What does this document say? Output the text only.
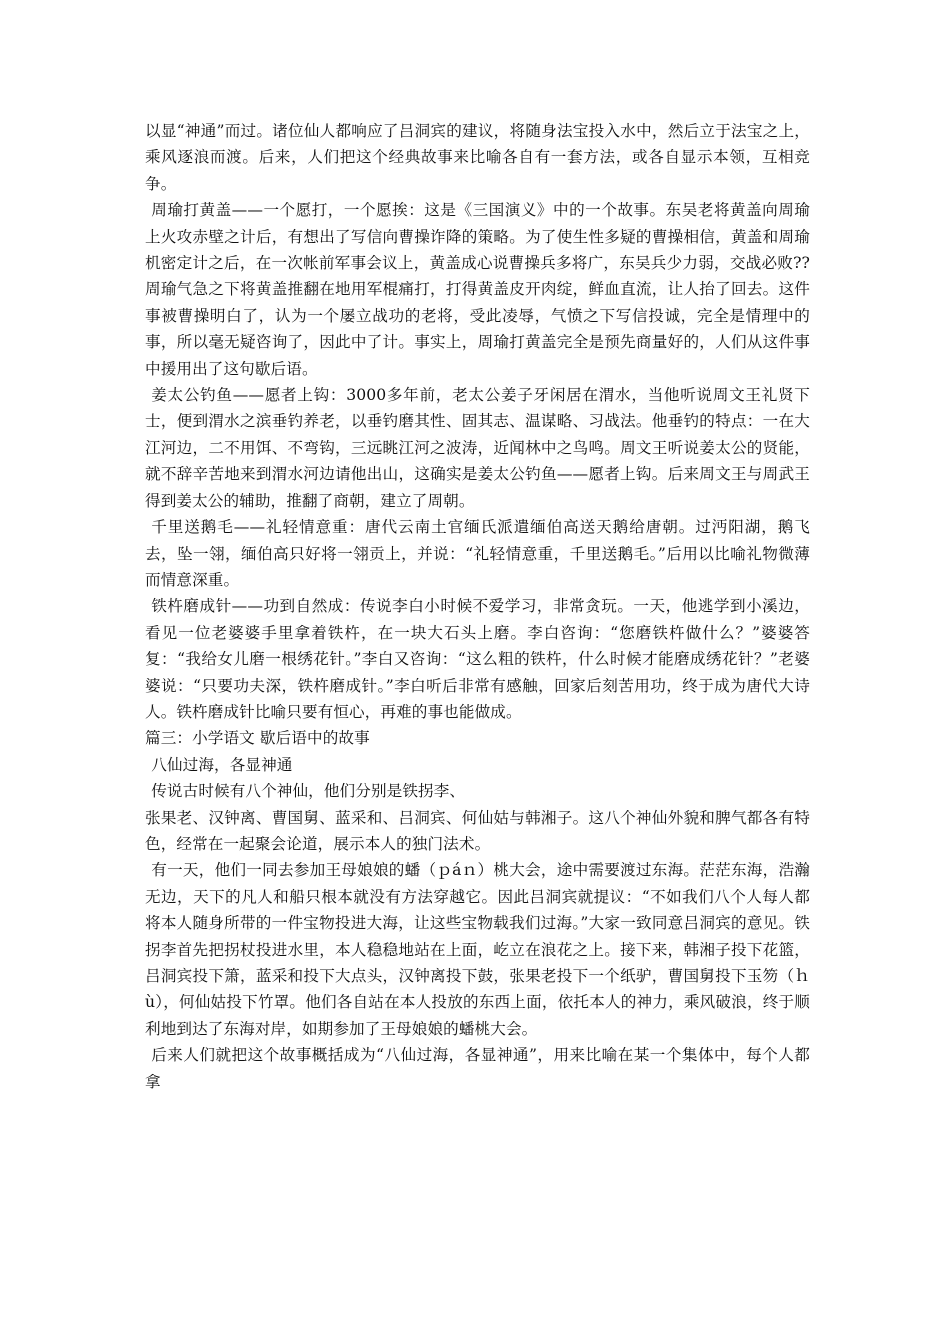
以显“神通”而过。诸位仙人都响应了吕洞宾的建议，将随身法宝投入水中，然后立于法宝之上，乘风逐浪而渡。后来，人们把这个经典故事来比喻各自有一套方法，或各自显示本领，互相竞争。

周瑜打黄盖——一个愿打，一个愿挨：这是《三国演义》中的一个故事。东吴老将黄盖向周瑜上火攻赤壁之计后，有想出了写信向曹操诈降的策略。为了使生性多疑的曹操相信，黄盖和周瑜机密定计之后，在一次帐前军事会议上，黄盖成心说曹操兵多将广，东吴兵少力弱，交战必败??周瑜气急之下将黄盖推翻在地用军棍痛打，打得黄盖皮开肉绽，鲜血直流，让人抬了回去。这件事被曹操明白了，认为一个屡立战功的老将，受此凌辱，气愤之下写信投诚，完全是情理中的事，所以毫无疑咨询了，因此中了计。事实上，周瑜打黄盖完全是预先商量好的，人们从这件事中援用出了这句歇后语。

姜太公钓鱼——愿者上钩：3000多年前，老太公姜子牙闲居在渭水，当他听说周文王礼贤下士，便到渭水之滨垂钓养老，以垂钓磨其性、固其志、温谋略、习战法。他垂钓的特点：一在大江河边，二不用饵、不弯钩，三远眺江河之波涛，近闻林中之鸟鸣。周文王听说姜太公的贤能，就不辞辛苦地来到渭水河边请他出山，这确实是姜太公钓鱼——愿者上钩。后来周文王与周武王得到姜太公的辅助，推翻了商朝，建立了周朝。

千里送鹅毛——礼轻情意重：唐代云南土官缅氏派遣缅伯高送天鹅给唐朝。过沔阳湖，鹅飞去，坠一翎，缅伯高只好将一翎贡上，并说：“礼轻情意重，千里送鹅毛。”后用以比喻礼物微薄而情意深重。

铁杵磨成针——功到自然成：传说李白小时候不爱学习，非常贪玩。一天，他逃学到小溪边，看见一位老婆婆手里拿着铁杵，在一块大石头上磨。李白咨询：“您磨铁杵做什么？”婆婆答复：“我给女儿磨一根绣花针。”李白又咨询：“这么粗的铁杵，什么时候才能磨成绣花针？”老婆婆说：“只要功夫深，铁杵磨成针。”李白听后非常有感触，回家后刻苦用功，终于成为唐代大诗人。铁杵磨成针比喻只要有恒心，再难的事也能做成。

篇三：小学语文 歇后语中的故事

八仙过海，各显神通

传说古时候有八个神仙，他们分别是铁拐李、

张果老、汉钟离、曹国舅、蓝采和、吕洞宾、何仙姑与韩湘子。这八个神仙外貌和脾气都各有特色，经常在一起聚会论道，展示本人的独门法术。

有一天，他们一同去参加王母娘娘的蟠（ｐáｎ）桃大会，途中需要渡过东海。茫茫东海，浩瀚无边，天下的凡人和船只根本就没有方法穿越它。因此吕洞宾就提议：“不如我们八个人每人都将本人随身所带的一件宝物投进大海，让这些宝物载我们过海。”大家一致同意吕洞宾的意见。铁拐李首先把拐杖投进水里，本人稳稳地站在上面，屹立在浪花之上。接下来，韩湘子投下花篮，吕洞宾投下箫，蓝采和投下大点头，汉钟离投下鼓，张果老投下一个纸驴，曹国舅投下玉笏（ｈù），何仙姑投下竹罩。他们各自站在本人投放的东西上面，依托本人的神力，乘风破浪，终于顺利地到达了东海对岸，如期参加了王母娘娘的蟠桃大会。

后来人们就把这个故事概括成为“八仙过海，各显神通”，用来比喻在某一个集体中，每个人都拿
